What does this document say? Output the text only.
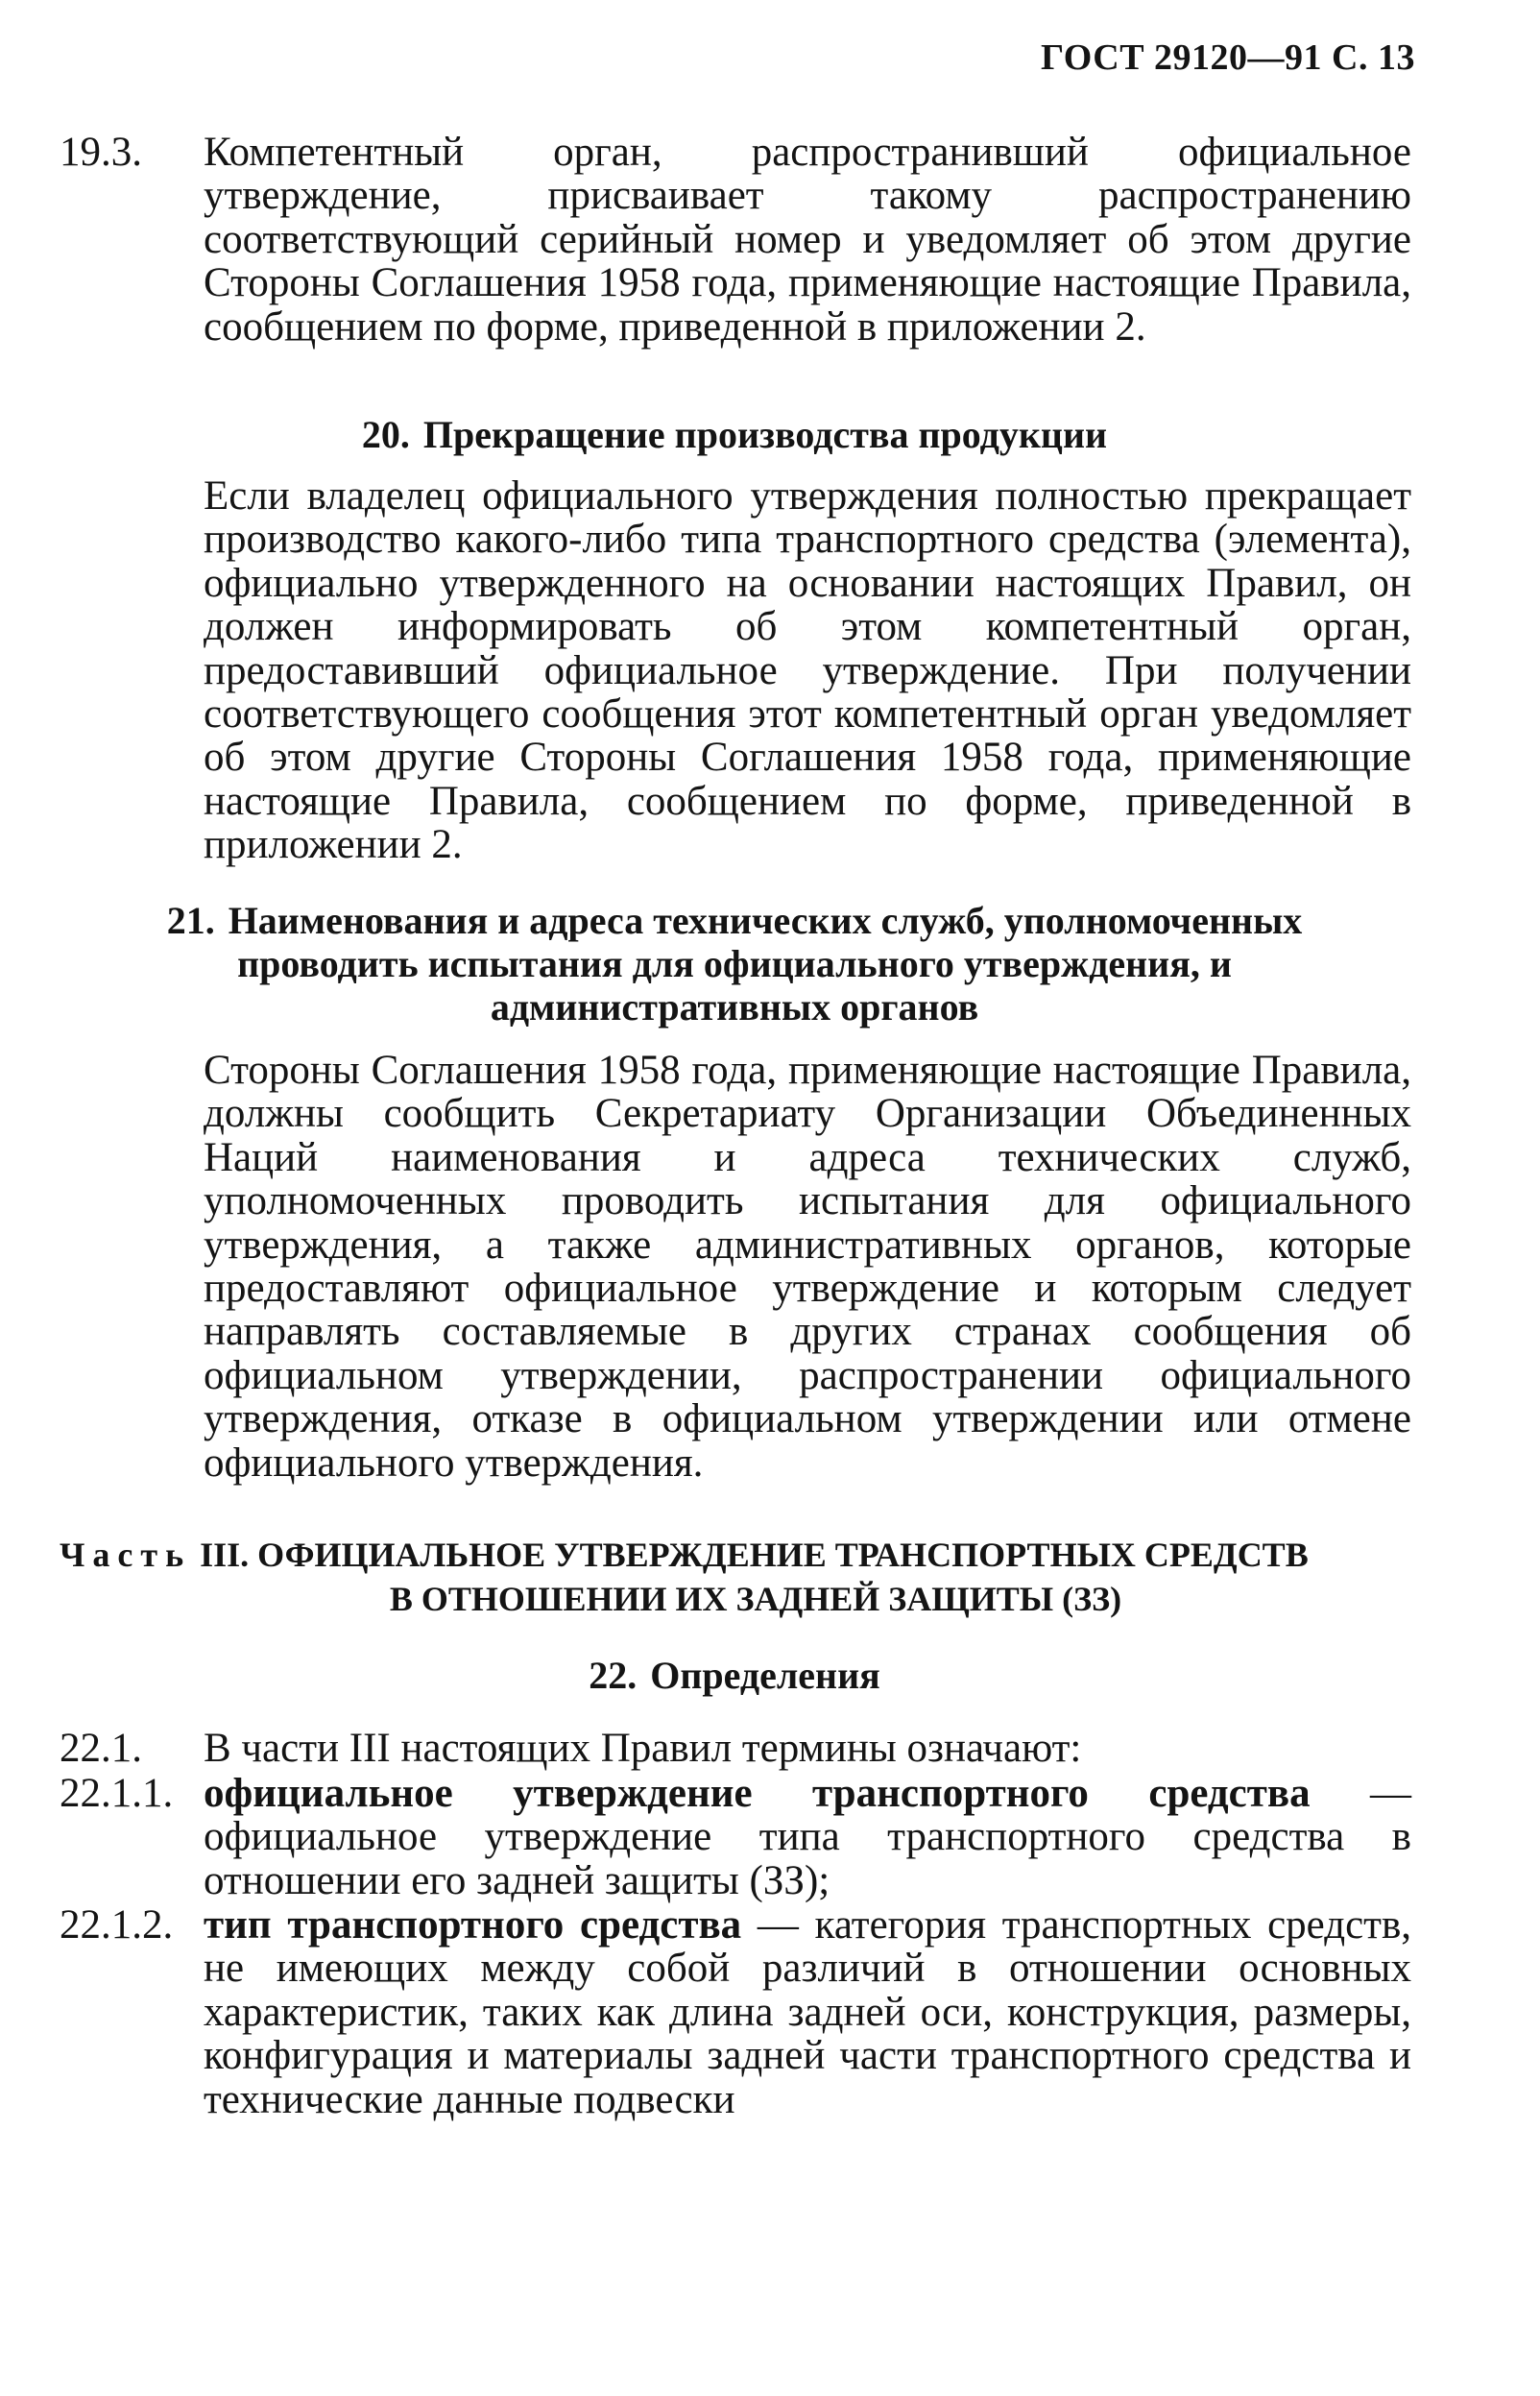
ГОСТ 29120—91 С. 13
19.3. Компетентный орган, распространивший официальное утверждение, присваивает такому распространению соответствующий серийный номер и уведомляет об этом другие Стороны Соглашения 1958 года, применяющие настоящие Правила, сообщением по форме, приведенной в приложении 2.
20. Прекращение производства продукции
Если владелец официального утверждения полностью прекращает производство какого-либо типа транспортного средства (элемента), официально утвержденного на основании настоящих Правил, он должен информировать об этом компетентный орган, предоставивший официальное утверждение. При получении соответствующего сообщения этот компетентный орган уведомляет об этом другие Стороны Соглашения 1958 года, применяющие настоящие Правила, сообщением по форме, приведенной в приложении 2.
21. Наименования и адреса технических служб, уполномоченных
проводить испытания для официального утверждения, и
административных органов
Стороны Соглашения 1958 года, применяющие настоящие Правила, должны сообщить Секретариату Организации Объединенных Наций наименования и адреса технических служб, уполномоченных проводить испытания для официального утверждения, а также административных органов, которые предоставляют официальное утверждение и которым следует направлять составляемые в других странах сообщения об официальном утверждении, распространении официального утверждения, отказе в официальном утверждении или отмене официального утверждения.
Часть III. ОФИЦИАЛЬНОЕ УТВЕРЖДЕНИЕ ТРАНСПОРТНЫХ СРЕДСТВ
В ОТНОШЕНИИ ИХ ЗАДНЕЙ ЗАЩИТЫ (ЗЗ)
22. Определения
22.1. В части III настоящих Правил термины означают:
22.1.1. официальное утверждение транспортного средства — официальное утверждение типа транспортного средства в отношении его задней защиты (ЗЗ);
22.1.2. тип транспортного средства — категория транспортных средств, не имеющих между собой различий в отношении основных характеристик, таких как длина задней оси, конструкция, размеры, конфигурация и материалы задней части транспортного средства и технические данные подвески
